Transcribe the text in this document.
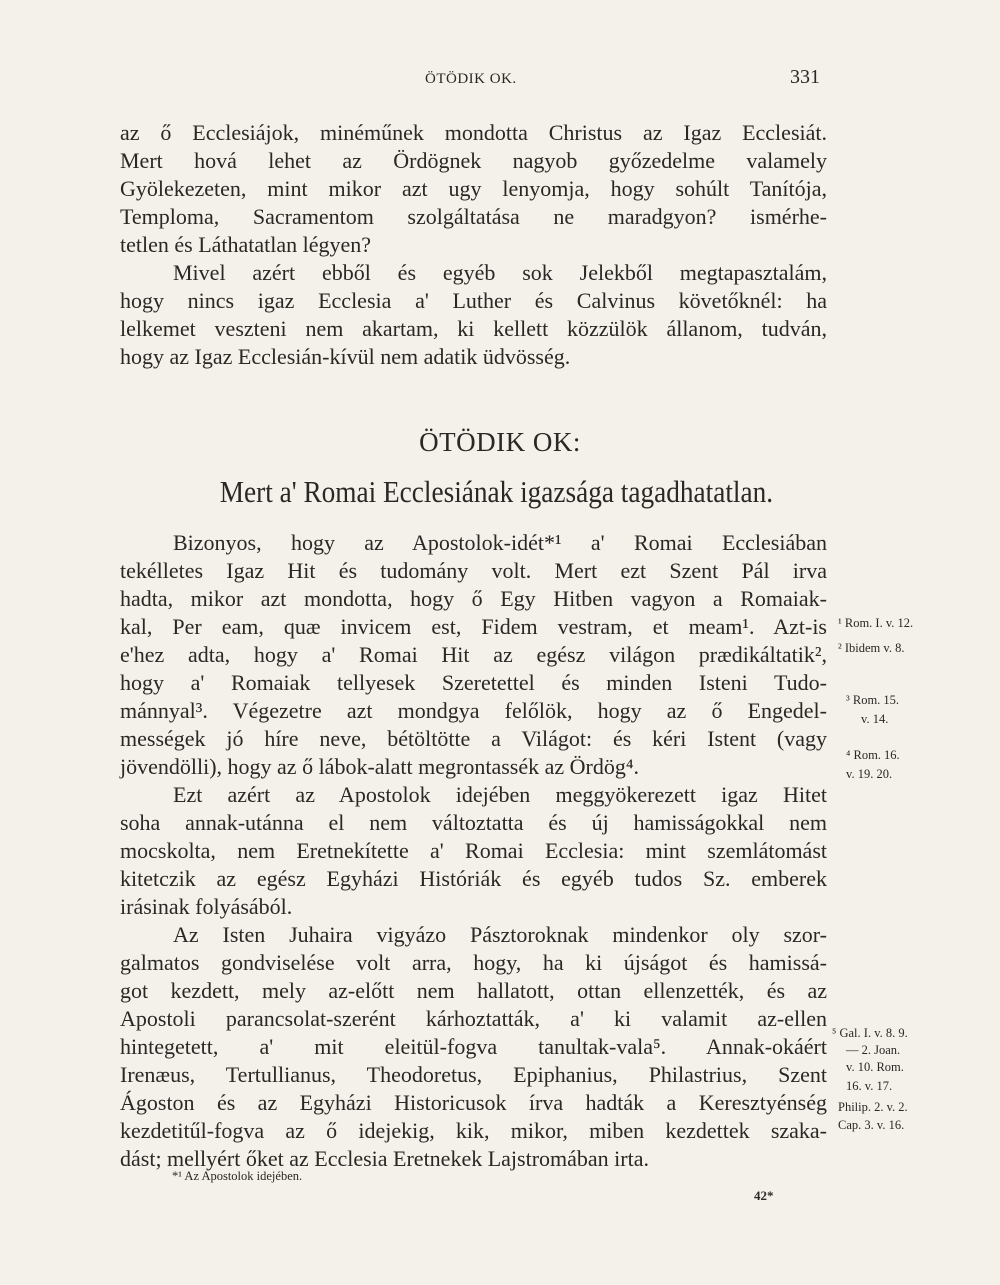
ÖTÖDIK OK.	331
az ő Ecclesiájok, minéműnek mondotta Christus az Igaz Ecclesiát.
Mert hová lehet az Ördögnek nagyob győzedelme valamely
Gyölekezeten, mint mikor azt ugy lenyomja, hogy sohúlt Tanítója,
Temploma, Sacramentom szolgáltatása ne maradgyon? ismérhe-
tetlen és Láthatatlan légyen?
Mivel azért ebből és egyéb sok Jelekből megtapasztalám,
hogy nincs igaz Ecclesia a' Luther és Calvinus követőknél: ha
lelkemet veszteni nem akartam, ki kellett közzülök állanom, tudván,
hogy az Igaz Ecclesián-kívül nem adatik üdvösség.
ÖTÖDIK OK:
Mert a' Romai Ecclesiának igazsága tagadhatatlan.
Bizonyos, hogy az Apostolok-idét*¹ a' Romai Ecclesiában
tekélletes Igaz Hit és tudomány volt. Mert ezt Szent Pál irva
hadta, mikor azt mondotta, hogy ő Egy Hitben vagyon a Romaiak-
kal, Per eam, quæ invicem est, Fidem vestram, et meam¹. Azt-is
e'hez adta, hogy a' Romai Hit az egész világon prædikáltatik²,
hogy a' Romaiak tellyesek Szeretettel és minden Isteni Tudo-
mánnyal³. Végezetre azt mondgya felőlök, hogy az ő Engedel-
mességek jó híre neve, bétöltötte a Világot: és kéri Istent (vagy
jövendölli), hogy az ő lábok-alatt megrontassék az Ördög⁴.
Ezt azért az Apostolok idejében meggyökerezett igaz Hitet
soha annak-utánna el nem változtatta és új hamisságokkal nem
mocskolta, nem Eretnekítette a' Romai Ecclesia: mint szemlátomást
kitetczik az egész Egyházi Históriák és egyéb tudos Sz. emberek
irásinak folyásából.
Az Isten Juhaira vigyázo Pásztoroknak mindenkor oly szor-
galmatos gondviselése volt arra, hogy, ha ki újságot és hamissá-
got kezdett, mely az-előtt nem hallatott, ottan ellenzették, és az
Apostoli parancsolat-szerént kárhoztatták, a' ki valamit az-ellen
hintegetett, a' mit eleitül-fogva tanultak-vala⁵. Annak-okáért
Irenæus, Tertullianus, Theodoretus, Epiphanius, Philastrius, Szent
Ágoston és az Egyházi Historicusok írva hadták a Keresztyénség
kezdetitűl-fogva az ő idejekig, kik, mikor, miben kezdettek szaka-
dást; mellyért őket az Ecclesia Eretnekek Lajstromában irta.
¹ Rom. I. v. 12.
² Ibidem v. 8.
³ Rom. 15.
v. 14.
⁴ Rom. 16.
v. 19. 20.
⁵ Gal. I. v. 8. 9.
— 2. Joan.
v. 10. Rom.
16. v. 17.
Philip. 2. v. 2.
Cap. 3. v. 16.
*¹ Az Apostolok idejében.
42*
